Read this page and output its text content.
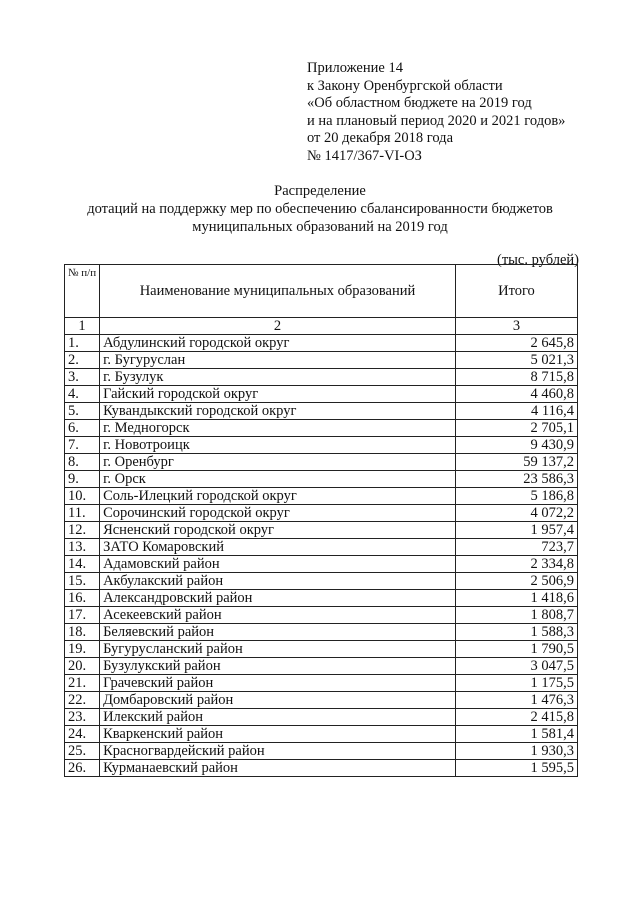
Приложение 14
к Закону Оренбургской области
«Об областном бюджете на 2019 год
и на плановый период 2020 и 2021 годов»
от 20 декабря 2018 года
№ 1417/367-VI-ОЗ
Распределение
дотаций на поддержку мер по обеспечению сбалансированности бюджетов
муниципальных образований на 2019 год
(тыс. рублей)
№ п/п	Наименование муниципальных образований	Итого
1	2	3
1.	Абдулинский городской округ	2 645,8
2.	г. Бугуруслан	5 021,3
3.	г. Бузулук	8 715,8
4.	Гайский городской округ	4 460,8
5.	Кувандыкский городской округ	4 116,4
6.	г. Медногорск	2 705,1
7.	г. Новотроицк	9 430,9
8.	г. Оренбург	59 137,2
9.	г. Орск	23 586,3
10.	Соль-Илецкий городской округ	5 186,8
11.	Сорочинский городской округ	4 072,2
12.	Ясненский городской округ	1 957,4
13.	ЗАТО Комаровский	723,7
14.	Адамовский район	2 334,8
15.	Акбулакский район	2 506,9
16.	Александровский район	1 418,6
17.	Асекеевский район	1 808,7
18.	Беляевский район	1 588,3
19.	Бугурусланский район	1 790,5
20.	Бузулукский район	3 047,5
21.	Грачевский район	1 175,5
22.	Домбаровский район	1 476,3
23.	Илекский район	2 415,8
24.	Кваркенский район	1 581,4
25.	Красногвардейский район	1 930,3
26.	Курманаевский район	1 595,5
